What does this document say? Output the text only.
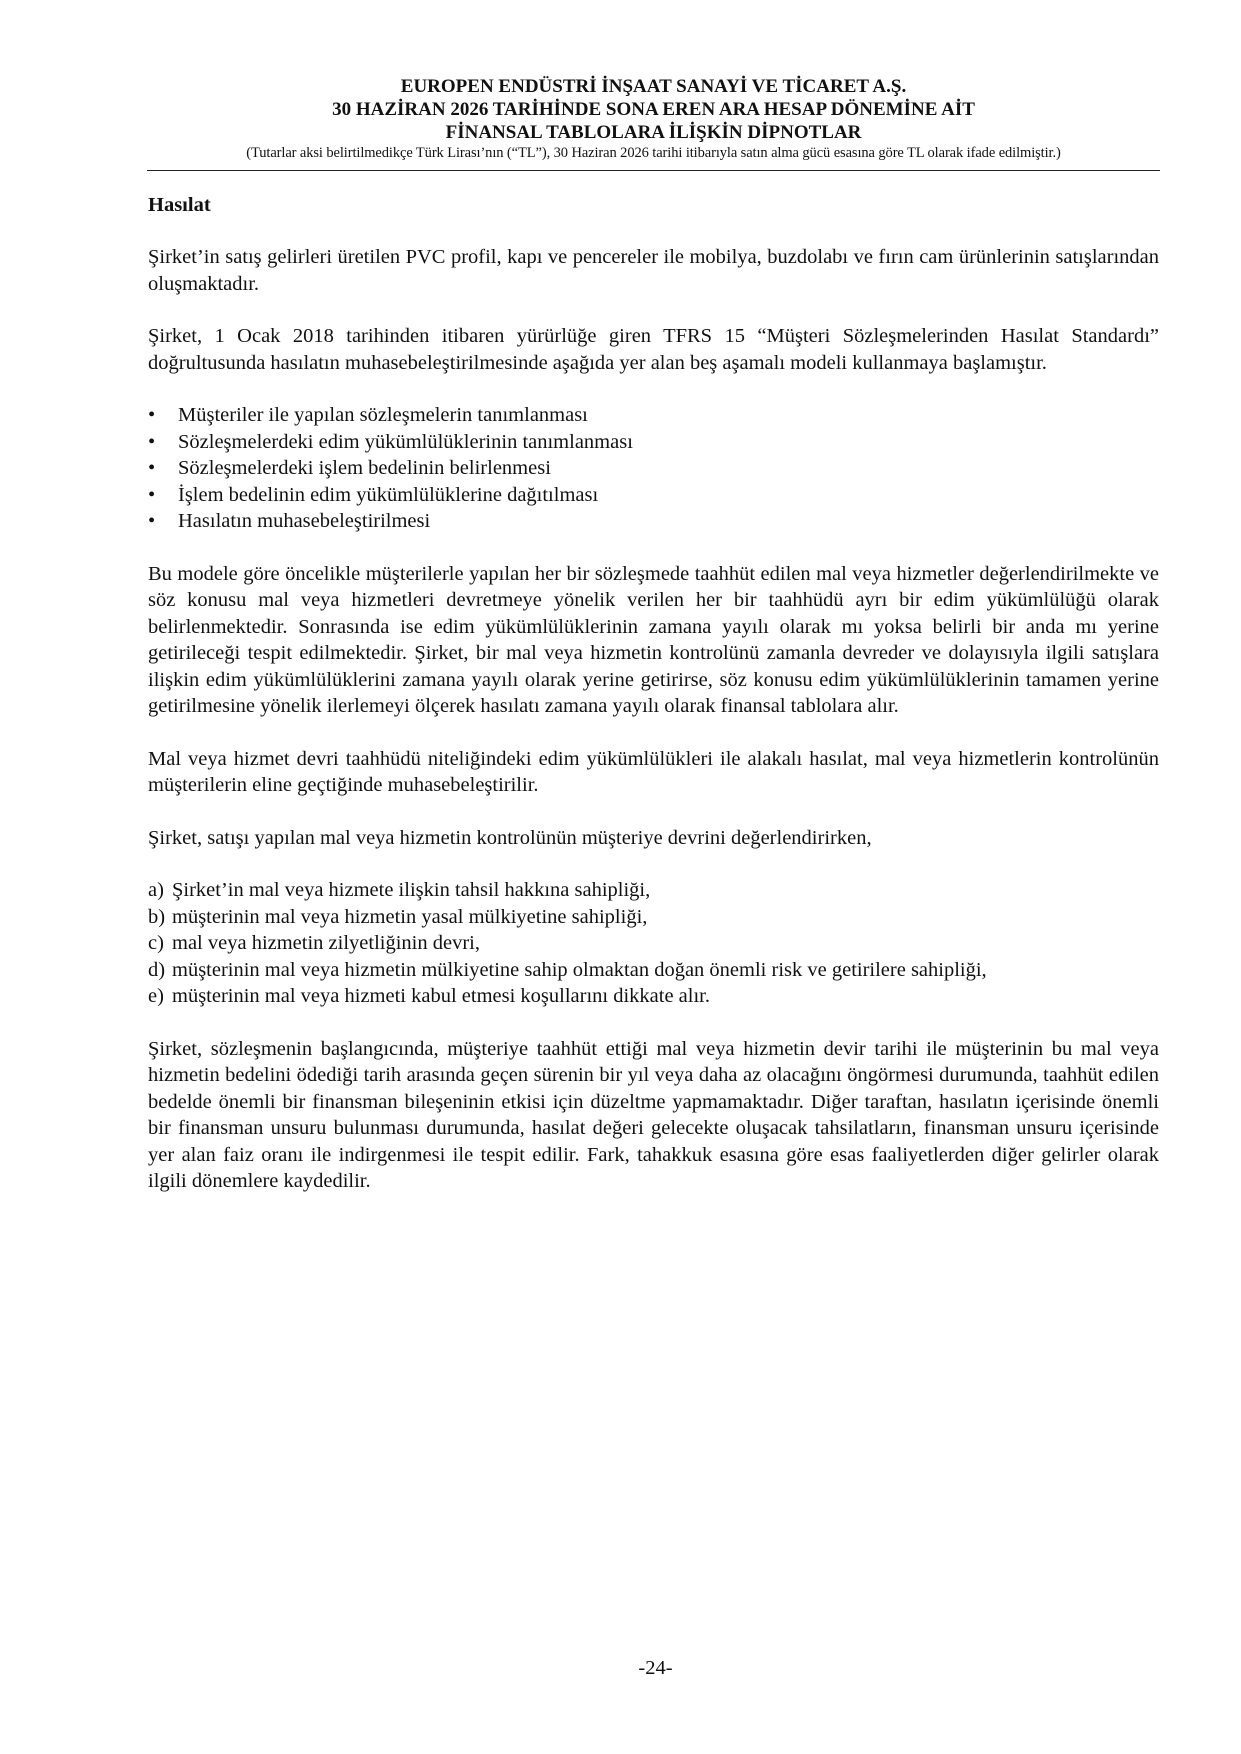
EUROPEN ENDÜSTRİ İNŞAAT SANAYİ VE TİCARET A.Ş.
30 HAZİRAN 2026 TARİHİNDE SONA EREN ARA HESAP DÖNEMİNE AİT
FİNANSAL TABLOLARA İLİŞKİN DİPNOTLAR
(Tutarlar aksi belirtilmedikçe Türk Lirası’nın (“TL”), 30 Haziran 2026 tarihi itibarıyla satın alma gücü esasına göre TL olarak ifade edilmiştir.)
Hasılat

Şirket’in satış gelirleri üretilen PVC profil, kapı ve pencereler ile mobilya, buzdolabı ve fırın cam ürünlerinin satışlarından oluşmaktadır.

Şirket, 1 Ocak 2018 tarihinden itibaren yürürlüğe giren TFRS 15 “Müşteri Sözleşmelerinden Hasılat Standardı” doğrultusunda hasılatın muhasebeleştirilmesinde aşağıda yer alan beş aşamalı modeli kullanmaya başlamıştır.

• Müşteriler ile yapılan sözleşmelerin tanımlanması
• Sözleşmelerdeki edim yükümlülüklerinin tanımlanması
• Sözleşmelerdeki işlem bedelinin belirlenmesi
• İşlem bedelinin edim yükümlülüklerine dağıtılması
• Hasılatın muhasebeleştirilmesi

Bu modele göre öncelikle müşterilerle yapılan her bir sözleşmede taahhüt edilen mal veya hizmetler değerlendirilmekte ve söz konusu mal veya hizmetleri devretmeye yönelik verilen her bir taahhüdü ayrı bir edim yükümlülüğü olarak belirlenmektedir. Sonrasında ise edim yükümlülüklerinin zamana yayılı olarak mı yoksa belirli bir anda mı yerine getirileceği tespit edilmektedir. Şirket, bir mal veya hizmetin kontrolünü zamanla devreder ve dolayısıyla ilgili satışlara ilişkin edim yükümlülüklerini zamana yayılı olarak yerine getirirse, söz konusu edim yükümlülüklerinin tamamen yerine getirilmesine yönelik ilerlemeyi ölçerek hasılatı zamana yayılı olarak finansal tablolara alır.

Mal veya hizmet devri taahhüdü niteliğindeki edim yükümlülükleri ile alakalı hasılat, mal veya hizmetlerin kontrolünün müşterilerin eline geçtiğinde muhasebeleştirilir.

Şirket, satışı yapılan mal veya hizmetin kontrolünün müşteriye devrini değerlendirirken,

a) Şirket’in mal veya hizmete ilişkin tahsil hakkına sahipliği,
b) müşterinin mal veya hizmetin yasal mülkiyetine sahipliği,
c) mal veya hizmetin zilyetliğinin devri,
d) müşterinin mal veya hizmetin mülkiyetine sahip olmaktan doğan önemli risk ve getirilere sahipliği,
e) müşterinin mal veya hizmeti kabul etmesi koşullarını dikkate alır.

Şirket, sözleşmenin başlangıcında, müşteriye taahhüt ettiği mal veya hizmetin devir tarihi ile müşterinin bu mal veya hizmetin bedelini ödediği tarih arasında geçen sürenin bir yıl veya daha az olacağını öngörmesi durumunda, taahhüt edilen bedelde önemli bir finansman bileşeninin etkisi için düzeltme yapmamaktadır. Diğer taraftan, hasılatın içerisinde önemli bir finansman unsuru bulunması durumunda, hasılat değeri gelecekte oluşacak tahsilatların, finansman unsuru içerisinde yer alan faiz oranı ile indirgenmesi ile tespit edilir. Fark, tahakkuk esasına göre esas faaliyetlerden diğer gelirler olarak ilgili dönemlere kaydedilir.

-24-
